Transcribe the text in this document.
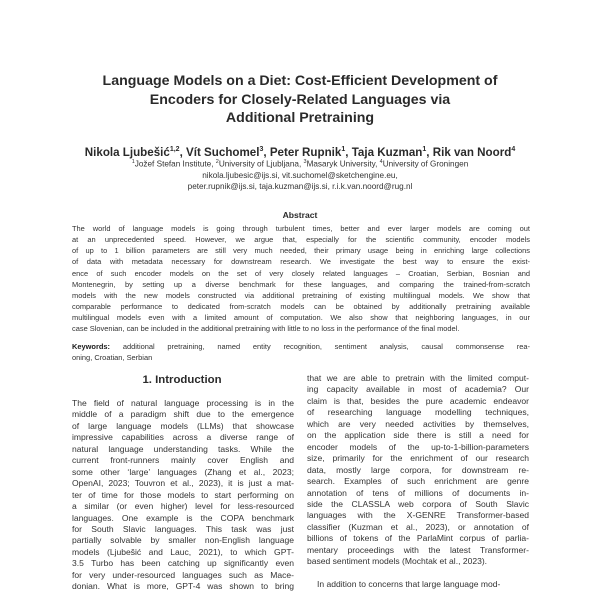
Language Models on a Diet: Cost-Efficient Development of
Encoders for Closely-Related Languages via
Additional Pretraining
Nikola Ljubešić$^{1,2}$, Vít Suchomel$^3$, Peter Rupnik$^1$, Taja Kuzman$^1$, Rik van Noord$^4$
$^1$Jožef Stefan Institute, $^2$University of Ljubljana, $^3$Masaryk University, $^4$University of Groningen
nikola.ljubesic@ijs.si, vit.suchomel@sketchengine.eu,
peter.rupnik@ijs.si, taja.kuzman@ijs.si, r.i.k.van.noord@rug.nl
Abstract
The world of language models is going through turbulent times, better and ever larger models are coming out
at an unprecedented speed. However, we argue that, especially for the scientific community, encoder models
of up to 1 billion parameters are still very much needed, their primary usage being in enriching large collections
of data with metadata necessary for downstream research. We investigate the best way to ensure the exist-
ence of such encoder models on the set of very closely related languages – Croatian, Serbian, Bosnian and
Montenegrin, by setting up a diverse benchmark for these languages, and comparing the trained-from-scratch
models with the new models constructed via additional pretraining of existing multilingual models. We show that
comparable performance to dedicated from-scratch models can be obtained by additionally pretraining available
multilingual models even with a limited amount of computation. We also show that neighboring languages, in our
case Slovenian, can be included in the additional pretraining with little to no loss in the performance of the final model.
Keywords: additional pretraining, named entity recognition, sentiment analysis, causal commonsense rea-
oning, Croatian, Serbian
1. Introduction
The field of natural language processing is in the
middle of a paradigm shift due to the emergence
of large language models (LLMs) that showcase
impressive capabilities across a diverse range of
natural language understanding tasks. While the
current front-runners mainly cover English and
some other ‘large’ languages (Zhang et al., 2023;
OpenAI, 2023; Touvron et al., 2023), it is just a mat-
ter of time for those models to start performing on
a similar (or even higher) level for less-resourced
languages. One example is the COPA benchmark
for South Slavic languages. This task was just
partially solvable by smaller non-English language
models (Ljubešić and Lauc, 2021), to which GPT-
3.5 Turbo has been catching up significantly even
for very under-resourced languages such as Mace-
donian. What is more, GPT-4 was shown to bring
that we are able to pretrain with the limited comput-
ing capacity available in most of academia? Our
claim is that, besides the pure academic endeavor
of researching language modelling techniques,
which are very needed activities by themselves,
on the application side there is still a need for
encoder models of the up-to-1-billion-parameters
size, primarily for the enrichment of our research
data, mostly large corpora, for downstream re-
search. Examples of such enrichment are genre
annotation of tens of millions of documents in-
side the CLASSLA web corpora of South Slavic
languages with the X-GENRE Transformer-based
classifier (Kuzman et al., 2023), or annotation of
billions of tokens of the ParlaMint corpus of parlia-
mentary proceedings with the latest Transformer-
based sentiment models (Mochtak et al., 2023).
In addition to concerns that large language mod-
